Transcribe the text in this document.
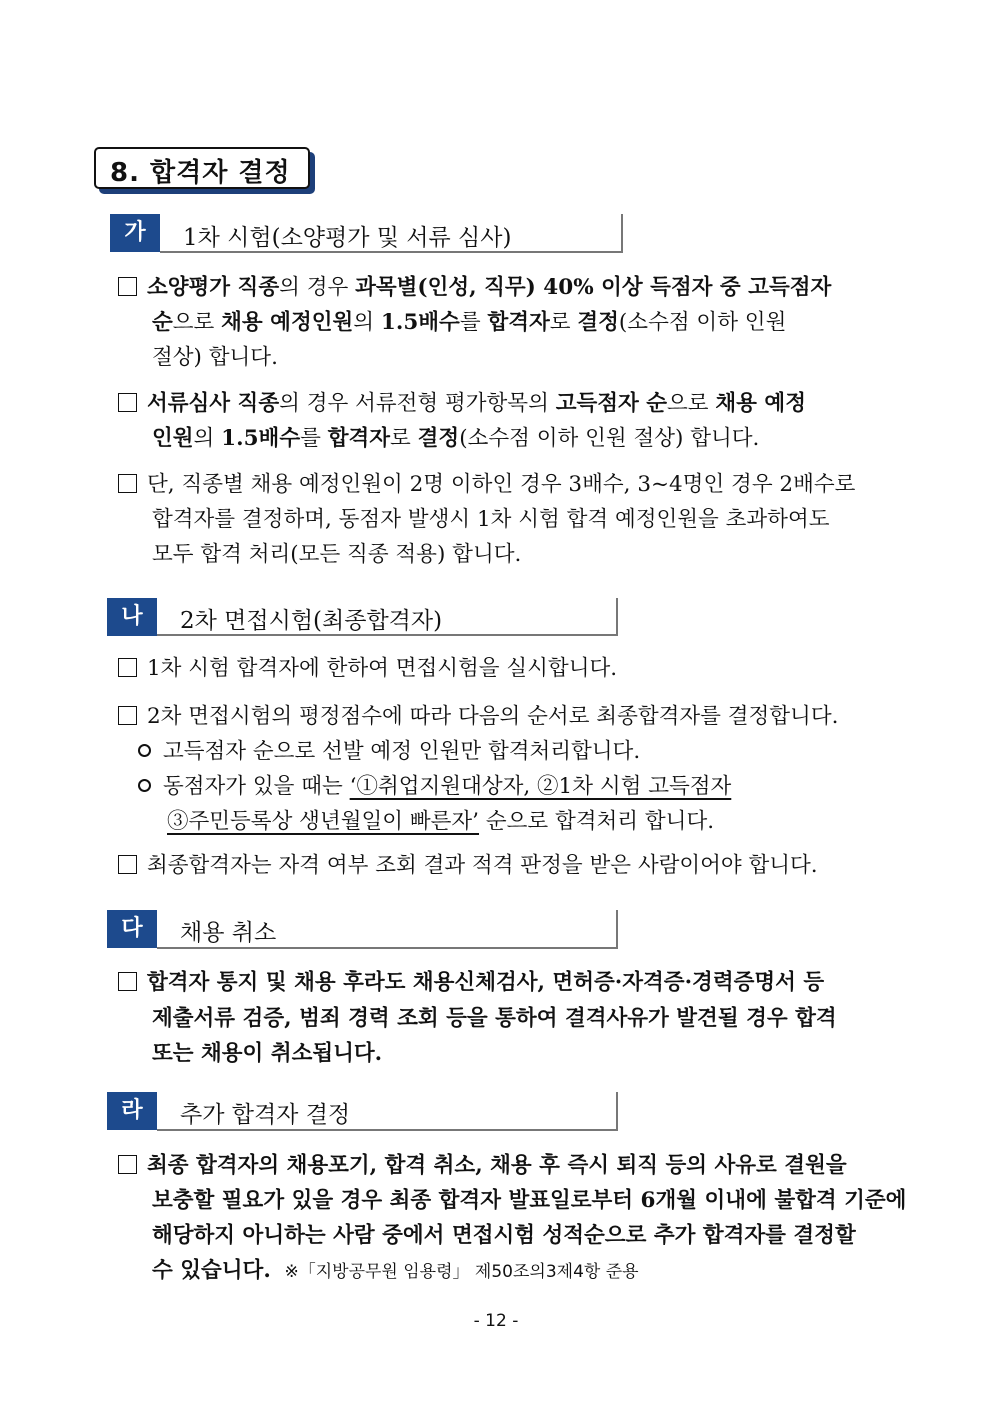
8. 합격자 결정
가	1차 시험(소양평가 및 서류 심사)
소양평가 직종의 경우 과목별(인성, 직무) 40% 이상 득점자 중 고득점자
순으로 채용 예정인원의 1.5배수를 합격자로 결정(소수점 이하 인원
절상) 합니다.
서류심사 직종의 경우 서류전형 평가항목의 고득점자 순으로 채용 예정
인원의 1.5배수를 합격자로 결정(소수점 이하 인원 절상) 합니다.
단, 직종별 채용 예정인원이 2명 이하인 경우 3배수, 3~4명인 경우 2배수로
합격자를 결정하며, 동점자 발생시 1차 시험 합격 예정인원을 초과하여도
모두 합격 처리(모든 직종 적용) 합니다.
나	2차 면접시험(최종합격자)
1차 시험 합격자에 한하여 면접시험을 실시합니다.
2차 면접시험의 평정점수에 따라 다음의 순서로 최종합격자를 결정합니다.
고득점자 순으로 선발 예정 인원만 합격처리합니다.
동점자가 있을 때는 ‘①취업지원대상자, ②1차 시험 고득점자
③주민등록상 생년월일이 빠른자’ 순으로 합격처리 합니다.
최종합격자는 자격 여부 조회 결과 적격 판정을 받은 사람이어야 합니다.
다	채용 취소
합격자 통지 및 채용 후라도 채용신체검사, 면허증·자격증·경력증명서 등
제출서류 검증, 범죄 경력 조회 등을 통하여 결격사유가 발견될 경우 합격
또는 채용이 취소됩니다.
라	추가 합격자 결정
최종 합격자의 채용포기, 합격 취소, 채용 후 즉시 퇴직 등의 사유로 결원을
보충할 필요가 있을 경우 최종 합격자 발표일로부터 6개월 이내에 불합격 기준에
해당하지 아니하는 사람 중에서 면접시험 성적순으로 추가 합격자를 결정할
수 있습니다. ※「지방공무원 임용령」 제50조의3제4항 준용
- 12 -
